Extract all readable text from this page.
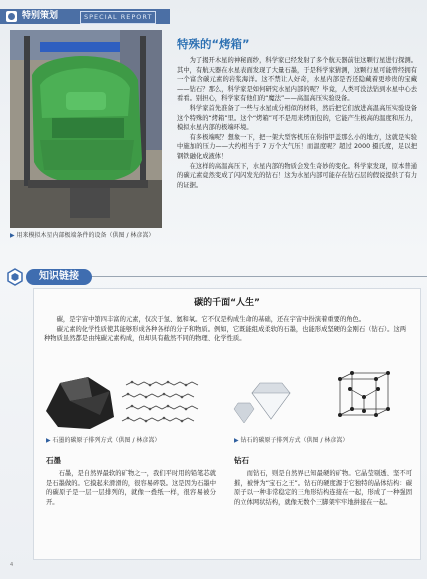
特别策划	SPECIAL REPORT
▶ 用来模拟木星内部极端条件的设备（供图 / 林彦嵩）
特殊的“烤箱”

为了揭开木星的神秘面纱，科学家已经发射了多个航天器前往这颗行星进行探测。其中，有航天器在水星表面发现了大量石墨，于是科学家猜测，这颗行星可能曾经拥有一个富含碳元素的岩浆海洋。这不禁让人好奇，水星内部是否还隐藏着更珍贵的宝藏——钻石？那么，科学家是如何研究水星内部的呢？毕竟，人类可没法钻到水星中心去看看。别担心，科学家有他们的“魔法”——高温高压实验设备。

科学家首先准备了一些与水星成分相似的材料，然后把它们放进高温高压实验设备这个特殊的“烤箱”里。这个“烤箱”可不是用来烤面包的，它能产生极高的温度和压力，模拟水星内部的极端环境。

有多极端呢？想象一下，把一架大型客机压在你指甲盖那么小的地方，这就是实验中施加的压力——大约相当于 7 万个大气压！而温度呢？超过 2000 摄氏度，足以把钢铁融化成液体！

在这样的高温高压下，水星内部的物质会发生奇妙的变化。科学家发现，原本普通的碳元素竟然变成了闪闪发光的钻石！这为水星内部可能存在钻石层的假说提供了有力的证据。

知识链接
碳的千面“人生”

碳，是宇宙中第四丰富的元素，仅次于氢、氦和氧。它不仅是构成生命的基础，还在宇宙中扮演着重要的角色。

碳元素的化学性质使其能够形成各种各样的分子和物质。例如，它既能组成柔软的石墨，也能形成坚硬的金刚石（钻石）。这两种物质虽然都是由纯碳元素构成，但却具有截然不同的物理、化学性质。

▶ 石墨的碳原子排列方式（供图 / 林彦嵩）	▶ 钻石的碳原子排列方式（供图 / 林彦嵩）
石墨

石墨，是自然界最软的矿物之一，我们平时用的铅笔芯就是石墨做的。它摸起来滑滑的，很容易碎裂。这是因为石墨中的碳原子是一层一层排列的，就像一叠纸一样，很容易被分开。

钻石

而钻石，则是自然界已知最硬的矿物。它晶莹剔透、坚不可摧，被誉为“宝石之王”。钻石的硬度源于它独特的晶体结构：碳原子以一种非常稳定的三角形结构连接在一起，形成了一种强固的立体网状结构，就像无数个三脚架牢牢地拼接在一起。

4
